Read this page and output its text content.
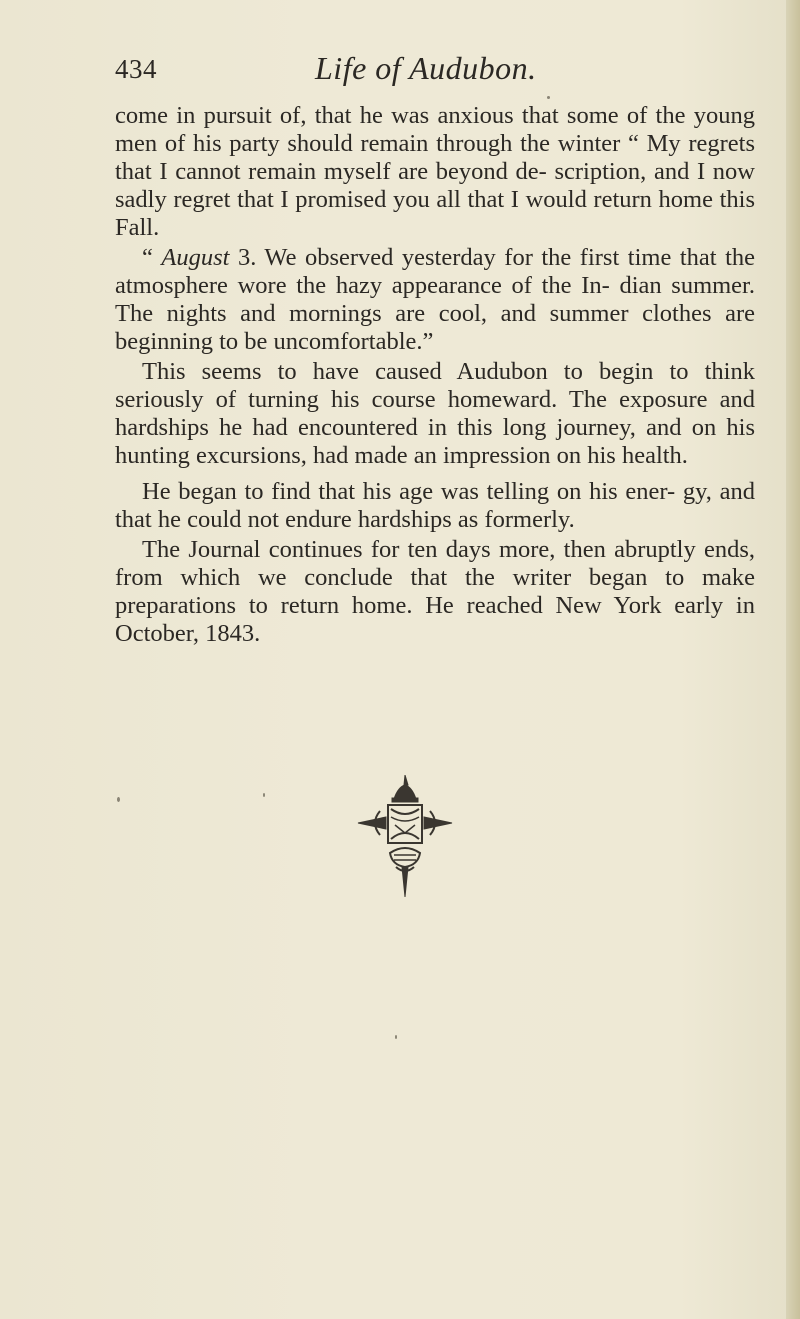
434	Life of Audubon.

come in pursuit of, that he was anxious that some of the young men of his party should remain through the winter “ My regrets that I cannot remain myself are beyond de- scription, and I now sadly regret that I promised you all that I would return home this Fall.

“ August 3. We observed yesterday for the first time that the atmosphere wore the hazy appearance of the In- dian summer. The nights and mornings are cool, and summer clothes are beginning to be uncomfortable.”

This seems to have caused Audubon to begin to think seriously of turning his course homeward. The exposure and hardships he had encountered in this long journey, and on his hunting excursions, had made an impression on his health.

He began to find that his age was telling on his ener- gy, and that he could not endure hardships as formerly.

The Journal continues for ten days more, then abruptly ends, from which we conclude that the writer began to make preparations to return home. He reached New York early in October, 1843.
